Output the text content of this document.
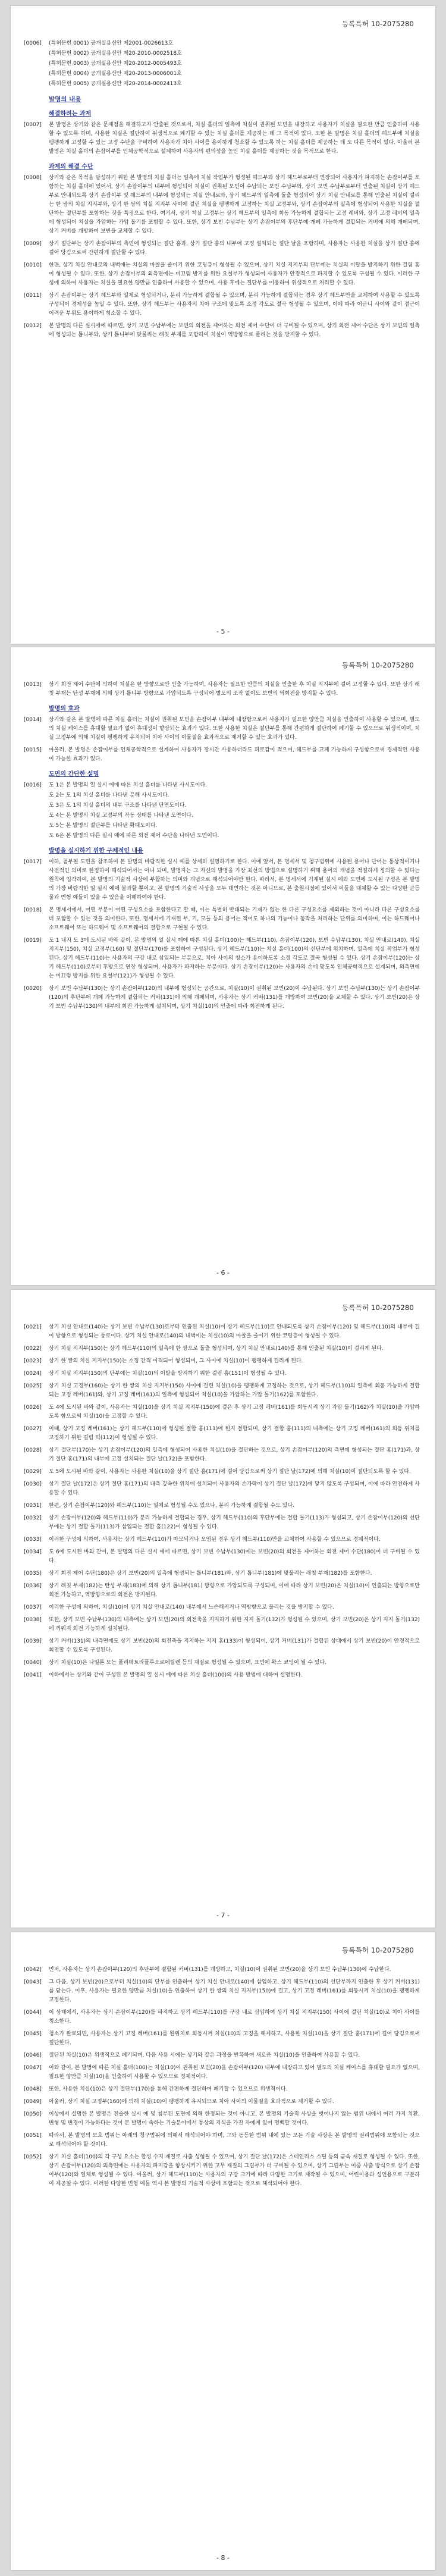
등록특허 10-2075280
[0006]	(특허문헌 0001) 공개실용신안 제2001-0026613호
(특허문헌 0002) 공개실용신안 제20-2010-0002518호
(특허문헌 0003) 공개실용신안 제20-2012-0005493호
(특허문헌 0004) 공개실용신안 제20-2013-0006001호
(특허문헌 0005) 공개실용신안 제20-2014-0002413호
발명의 내용
해결하려는 과제
[0007]	본 발명은 상기와 같은 문제점을 해결하고자 안출된 것으로서, 치실 홀더의 일측에 치실이 권취된 보빈을 내장하고 사용자가 치실을 필요한 만큼 인출하여 사용할 수 있도록 하며, 사용한 치실은 절단하여 위생적으로 폐기할 수 있는 치실 홀더를 제공하는 데 그 목적이 있다. 또한 본 발명은 치실 홀더의 헤드부에 치실을 팽팽하게 고정할 수 있는 고정 수단을 구비하여 사용자가 치아 사이를 용이하게 청소할 수 있도록 하는 치실 홀더를 제공하는 데 또 다른 목적이 있다. 아울러 본 발명은 치실 홀더의 손잡이부를 인체공학적으로 설계하여 사용자의 편의성을 높인 치실 홀더를 제공하는 것을 목적으로 한다.
과제의 해결 수단
[0008]	상기와 같은 목적을 달성하기 위한 본 발명의 치실 홀더는 일측에 치실 작업부가 형성된 헤드부와 상기 헤드부로부터 연장되어 사용자가 파지하는 손잡이부를 포함하는 치실 홀더에 있어서, 상기 손잡이부의 내부에 형성되어 치실이 권취된 보빈이 수납되는 보빈 수납부와, 상기 보빈 수납부로부터 인출된 치실이 상기 헤드부로 안내되도록 상기 손잡이부 및 헤드부의 내부에 형성되는 치실 안내로와, 상기 헤드부의 일측에 돌출 형성되어 상기 치실 안내로를 통해 인출된 치실이 걸리는 한 쌍의 치실 지지부와, 상기 한 쌍의 치실 지지부 사이에 걸린 치실을 팽팽하게 고정하는 치실 고정부와, 상기 손잡이부의 일측에 형성되어 사용한 치실을 절단하는 절단부를 포함하는 것을 특징으로 한다. 여기서, 상기 치실 고정부는 상기 헤드부의 일측에 회동 가능하게 결합되는 고정 레버와, 상기 고정 레버의 일측에 형성되어 치실을 가압하는 가압 돌기를 포함할 수 있다. 또한, 상기 보빈 수납부는 상기 손잡이부의 후단부에 개폐 가능하게 결합되는 커버에 의해 개폐되며, 상기 커버를 개방하여 보빈을 교체할 수 있다.
[0009]	상기 절단부는 상기 손잡이부의 측면에 형성되는 절단 홈과, 상기 절단 홈의 내부에 고정 설치되는 절단 날을 포함하며, 사용자는 사용한 치실을 상기 절단 홈에 걸어 당김으로써 간편하게 절단할 수 있다.
[0010]	한편, 상기 치실 안내로의 내벽에는 치실의 마찰을 줄이기 위한 코팅층이 형성될 수 있으며, 상기 치실 지지부의 단부에는 치실의 이탈을 방지하기 위한 걸림 홈이 형성될 수 있다. 또한, 상기 손잡이부의 외측면에는 미끄럼 방지를 위한 요철부가 형성되어 사용자가 안정적으로 파지할 수 있도록 구성될 수 있다. 이러한 구성에 의하여 사용자는 치실을 필요한 양만큼 인출하여 사용할 수 있으며, 사용 후에는 절단부를 이용하여 위생적으로 처리할 수 있다.
[0011]	상기 손잡이부는 상기 헤드부와 일체로 형성되거나, 분리 가능하게 결합될 수 있으며, 분리 가능하게 결합되는 경우 상기 헤드부만을 교체하여 사용할 수 있도록 구성되어 경제성을 높일 수 있다. 또한, 상기 헤드부는 사용자의 치아 구조에 맞도록 소정 각도로 절곡 형성될 수 있으며, 이에 따라 어금니 사이와 같이 접근이 어려운 부위도 용이하게 청소할 수 있다.
[0012]	본 발명의 다른 실시예에 따르면, 상기 보빈 수납부에는 보빈의 회전을 제어하는 회전 제어 수단이 더 구비될 수 있으며, 상기 회전 제어 수단은 상기 보빈의 일측에 형성되는 톱니부와, 상기 톱니부에 맞물리는 래칫 부재를 포함하여 치실이 역방향으로 풀리는 것을 방지할 수 있다.
- 5 -
등록특허 10-2075280
[0013]	상기 회전 제어 수단에 의하여 치실은 한 방향으로만 인출 가능하며, 사용자는 필요한 만큼의 치실을 인출한 후 치실 지지부에 걸어 고정할 수 있다. 또한 상기 래칫 부재는 탄성 부재에 의해 상기 톱니부 방향으로 가압되도록 구성되어 별도의 조작 없이도 보빈의 역회전을 방지할 수 있다.
발명의 효과
[0014]	상기와 같은 본 발명에 따른 치실 홀더는 치실이 권취된 보빈을 손잡이부 내부에 내장함으로써 사용자가 필요한 양만큼 치실을 인출하여 사용할 수 있으며, 별도의 치실 케이스를 휴대할 필요가 없어 휴대성이 향상되는 효과가 있다. 또한 사용한 치실은 절단부를 통해 간편하게 절단하여 폐기할 수 있으므로 위생적이며, 치실 고정부에 의해 치실이 팽팽하게 유지되어 치아 사이의 이물질을 효과적으로 제거할 수 있는 효과가 있다.
[0015]	아울러, 본 발명은 손잡이부를 인체공학적으로 설계하여 사용자가 장시간 사용하더라도 피로감이 적으며, 헤드부를 교체 가능하게 구성함으로써 경제적인 사용이 가능한 효과가 있다.
도면의 간단한 설명
[0016]	도 1은 본 발명의 일 실시 예에 따른 치실 홀더를 나타낸 사시도이다.
도 2는 도 1의 치실 홀더를 나타낸 분해 사시도이다.
도 3은 도 1의 치실 홀더의 내부 구조를 나타낸 단면도이다.
도 4는 본 발명의 치실 고정부의 작동 상태를 나타낸 도면이다.
도 5는 본 발명의 절단부를 나타낸 확대도이다.
도 6은 본 발명의 다른 실시 예에 따른 회전 제어 수단을 나타낸 도면이다.
발명을 실시하기 위한 구체적인 내용
[0017]	이하, 첨부된 도면을 참조하여 본 발명의 바람직한 실시 예를 상세히 설명하기로 한다. 이에 앞서, 본 명세서 및 청구범위에 사용된 용어나 단어는 통상적이거나 사전적인 의미로 한정하여 해석되어서는 아니 되며, 발명자는 그 자신의 발명을 가장 최선의 방법으로 설명하기 위해 용어의 개념을 적절하게 정의할 수 있다는 원칙에 입각하여, 본 발명의 기술적 사상에 부합하는 의미와 개념으로 해석되어야만 한다. 따라서, 본 명세서에 기재된 실시 예와 도면에 도시된 구성은 본 발명의 가장 바람직한 일 실시 예에 불과할 뿐이고, 본 발명의 기술적 사상을 모두 대변하는 것은 아니므로, 본 출원시점에 있어서 이들을 대체할 수 있는 다양한 균등물과 변형 예들이 있을 수 있음을 이해하여야 한다.
[0018]	본 명세서에서, 어떤 부분이 어떤 구성요소를 포함한다고 할 때, 이는 특별히 반대되는 기재가 없는 한 다른 구성요소를 제외하는 것이 아니라 다른 구성요소를 더 포함할 수 있는 것을 의미한다. 또한, 명세서에 기재된 부, 기, 모듈 등의 용어는 적어도 하나의 기능이나 동작을 처리하는 단위를 의미하며, 이는 하드웨어나 소프트웨어 또는 하드웨어 및 소프트웨어의 결합으로 구현될 수 있다.
[0019]	도 1 내지 도 3에 도시된 바와 같이, 본 발명의 일 실시 예에 따른 치실 홀더(100)는 헤드부(110), 손잡이부(120), 보빈 수납부(130), 치실 안내로(140), 치실 지지부(150), 치실 고정부(160) 및 절단부(170)를 포함하여 구성된다. 상기 헤드부(110)는 치실 홀더(100)의 선단부에 위치하며, 일측에 치실 작업부가 형성된다. 상기 헤드부(110)는 사용자의 구강 내로 삽입되는 부분으로, 치아 사이의 청소가 용이하도록 소정 각도로 절곡 형성될 수 있다. 상기 손잡이부(120)는 상기 헤드부(110)로부터 후방으로 연장 형성되며, 사용자가 파지하는 부분이다. 상기 손잡이부(120)는 사용자의 손에 맞도록 인체공학적으로 설계되며, 외측면에는 미끄럼 방지를 위한 요철부(121)가 형성될 수 있다.
[0020]	상기 보빈 수납부(130)는 상기 손잡이부(120)의 내부에 형성되는 공간으로, 치실(10)이 권취된 보빈(20)이 수납된다. 상기 보빈 수납부(130)는 상기 손잡이부(120)의 후단부에 개폐 가능하게 결합되는 커버(131)에 의해 개폐되며, 사용자는 상기 커버(131)를 개방하여 보빈(20)을 교체할 수 있다. 상기 보빈(20)은 상기 보빈 수납부(130)의 내부에 회전 가능하게 설치되며, 상기 치실(10)의 인출에 따라 회전하게 된다.
- 6 -
등록특허 10-2075280
[0021]	상기 치실 안내로(140)는 상기 보빈 수납부(130)로부터 인출된 치실(10)이 상기 헤드부(110)로 안내되도록 상기 손잡이부(120) 및 헤드부(110)의 내부에 길이 방향으로 형성되는 통로이다. 상기 치실 안내로(140)의 내벽에는 치실(10)의 마찰을 줄이기 위한 코팅층이 형성될 수 있다.
[0022]	상기 치실 지지부(150)는 상기 헤드부(110)의 일측에 한 쌍으로 돌출 형성되며, 상기 치실 안내로(140)를 통해 인출된 치실(10)이 걸리게 된다.
[0023]	상기 한 쌍의 치실 지지부(150)는 소정 간격 이격되어 형성되며, 그 사이에 치실(10)이 팽팽하게 걸리게 된다.
[0024]	상기 치실 지지부(150)의 단부에는 치실(10)의 이탈을 방지하기 위한 걸림 홈(151)이 형성될 수 있다.
[0025]	상기 치실 고정부(160)는 상기 한 쌍의 치실 지지부(150) 사이에 걸린 치실(10)을 팽팽하게 고정하는 것으로, 상기 헤드부(110)의 일측에 회동 가능하게 결합되는 고정 레버(161)와, 상기 고정 레버(161)의 일측에 형성되어 치실(10)을 가압하는 가압 돌기(162)를 포함한다.
[0026]	도 4에 도시된 바와 같이, 사용자는 치실(10)을 상기 치실 지지부(150)에 걸은 후 상기 고정 레버(161)를 회동시켜 상기 가압 돌기(162)가 치실(10)을 가압하도록 함으로써 치실(10)을 고정할 수 있다.
[0027]	이때, 상기 고정 레버(161)는 상기 헤드부(110)에 형성된 결합 홈(111)에 힌지 결합되며, 상기 결합 홈(111)의 내측에는 상기 고정 레버(161)의 회동 위치를 고정하기 위한 걸림 턱(112)이 형성될 수 있다.
[0028]	상기 절단부(170)는 상기 손잡이부(120)의 일측에 형성되어 사용한 치실(10)을 절단하는 것으로, 상기 손잡이부(120)의 측면에 형성되는 절단 홈(171)과, 상기 절단 홈(171)의 내부에 고정 설치되는 절단 날(172)을 포함한다.
[0029]	도 5에 도시된 바와 같이, 사용자는 사용한 치실(10)을 상기 절단 홈(171)에 걸어 당김으로써 상기 절단 날(172)에 의해 치실(10)이 절단되도록 할 수 있다.
[0030]	상기 절단 날(172)은 상기 절단 홈(171)의 내측 깊숙한 위치에 설치되어 사용자의 손가락이 상기 절단 날(172)에 닿지 않도록 구성되며, 이에 따라 안전하게 사용할 수 있다.
[0031]	한편, 상기 손잡이부(120)와 헤드부(110)는 일체로 형성될 수도 있으나, 분리 가능하게 결합될 수도 있다.
[0032]	상기 손잡이부(120)와 헤드부(110)가 분리 가능하게 결합되는 경우, 상기 헤드부(110)의 후단부에는 결합 돌기(113)가 형성되고, 상기 손잡이부(120)의 선단부에는 상기 결합 돌기(113)가 삽입되는 결합 홀(122)이 형성될 수 있다.
[0033]	이러한 구성에 의하여, 사용자는 상기 헤드부(110)가 마모되거나 오염된 경우 상기 헤드부(110)만을 교체하여 사용할 수 있으므로 경제적이다.
[0034]	도 6에 도시된 바와 같이, 본 발명의 다른 실시 예에 따르면, 상기 보빈 수납부(130)에는 보빈(20)의 회전을 제어하는 회전 제어 수단(180)이 더 구비될 수 있다.
[0035]	상기 회전 제어 수단(180)은 상기 보빈(20)의 일측에 형성되는 톱니부(181)와, 상기 톱니부(181)에 맞물리는 래칫 부재(182)를 포함한다.
[0036]	상기 래칫 부재(182)는 탄성 부재(183)에 의해 상기 톱니부(181) 방향으로 가압되도록 구성되며, 이에 따라 상기 보빈(20)은 치실(10)이 인출되는 방향으로만 회전 가능하고, 역방향으로의 회전은 방지된다.
[0037]	이러한 구성에 의하여, 치실(10)이 상기 치실 안내로(140) 내부에서 느슨해지거나 역방향으로 풀리는 것을 방지할 수 있다.
[0038]	또한, 상기 보빈 수납부(130)의 내측에는 상기 보빈(20)의 회전축을 지지하기 위한 지지 돌기(132)가 형성될 수 있으며, 상기 보빈(20)은 상기 지지 돌기(132)에 끼워져 회전 가능하게 설치된다.
[0039]	상기 커버(131)의 내측면에도 상기 보빈(20)의 회전축을 지지하는 지지 홈(133)이 형성되어, 상기 커버(131)가 결합된 상태에서 상기 보빈(20)이 안정적으로 회전할 수 있도록 구성된다.
[0040]	상기 치실(10)은 나일론 또는 폴리테트라플루오로에틸렌 등의 재질로 형성될 수 있으며, 표면에 왁스 코팅이 될 수 있다.
[0041]	이하에서는 상기와 같이 구성된 본 발명의 일 실시 예에 따른 치실 홀더(100)의 사용 방법에 대하여 설명한다.
- 7 -
등록특허 10-2075280
[0042]	먼저, 사용자는 상기 손잡이부(120)의 후단부에 결합된 커버(131)를 개방하고, 치실(10)이 권취된 보빈(20)을 상기 보빈 수납부(130)에 수납한다.
[0043]	그 다음, 상기 보빈(20)으로부터 치실(10)의 단부를 인출하여 상기 치실 안내로(140)에 삽입하고, 상기 헤드부(110)의 선단부까지 인출한 후 상기 커버(131)를 닫는다. 이후, 사용자는 필요한 양만큼 치실(10)을 인출하여 상기 한 쌍의 치실 지지부(150)에 걸고, 상기 고정 레버(161)를 회동시켜 치실(10)을 팽팽하게 고정한다.
[0044]	이 상태에서, 사용자는 상기 손잡이부(120)를 파지하고 상기 헤드부(110)를 구강 내로 삽입하여 상기 치실 지지부(150) 사이에 걸린 치실(10)로 치아 사이를 청소한다.
[0045]	청소가 완료되면, 사용자는 상기 고정 레버(161)를 원위치로 회동시켜 치실(10)의 고정을 해제하고, 사용한 치실(10)을 상기 절단 홈(171)에 걸어 당김으로써 절단한다.
[0046]	절단된 치실(10)은 위생적으로 폐기되며, 다음 사용 시에는 상기와 같은 과정을 반복하여 새로운 치실(10)을 인출하여 사용할 수 있다.
[0047]	이와 같이, 본 발명에 따른 치실 홀더(100)는 치실(10)이 권취된 보빈(20)을 손잡이부(120) 내부에 내장하고 있어 별도의 치실 케이스를 휴대할 필요가 없으며, 필요한 양만큼 치실(10)을 인출하여 사용할 수 있으므로 경제적이다.
[0048]	또한, 사용한 치실(10)은 상기 절단부(170)를 통해 간편하게 절단하여 폐기할 수 있으므로 위생적이다.
[0049]	아울러, 상기 치실 고정부(160)에 의해 치실(10)이 팽팽하게 유지되므로 치아 사이의 이물질을 효과적으로 제거할 수 있다.
[0050]	이상에서 설명한 본 발명은 전술한 실시 예 및 첨부된 도면에 의해 한정되는 것이 아니고, 본 발명의 기술적 사상을 벗어나지 않는 범위 내에서 여러 가지 치환, 변형 및 변경이 가능하다는 것이 본 발명이 속하는 기술분야에서 통상의 지식을 가진 자에게 있어 명백할 것이다.
[0051]	따라서, 본 발명의 보호 범위는 아래의 청구범위에 의해서 해석되어야 하며, 그와 동등한 범위 내에 있는 모든 기술 사상은 본 발명의 권리범위에 포함되는 것으로 해석되어야 할 것이다.
[0052]	상기 치실 홀더(100)의 각 구성 요소는 합성 수지 재질로 사출 성형될 수 있으며, 상기 절단 날(172)은 스테인리스 스틸 등의 금속 재질로 형성될 수 있다. 또한, 상기 손잡이부(120)의 외측면에는 사용자의 파지감을 향상시키기 위한 고무 재질의 그립부가 더 구비될 수 있으며, 상기 그립부는 이중 사출 방식으로 상기 손잡이부(120)와 일체로 형성될 수 있다. 아울러, 상기 헤드부(110)는 사용자의 구강 크기에 따라 다양한 크기로 제작될 수 있으며, 어린이용과 성인용으로 구분하여 제공될 수 있다. 이러한 다양한 변형 예들 역시 본 발명의 기술적 사상에 포함되는 것으로 해석되어야 한다.
- 8 -
